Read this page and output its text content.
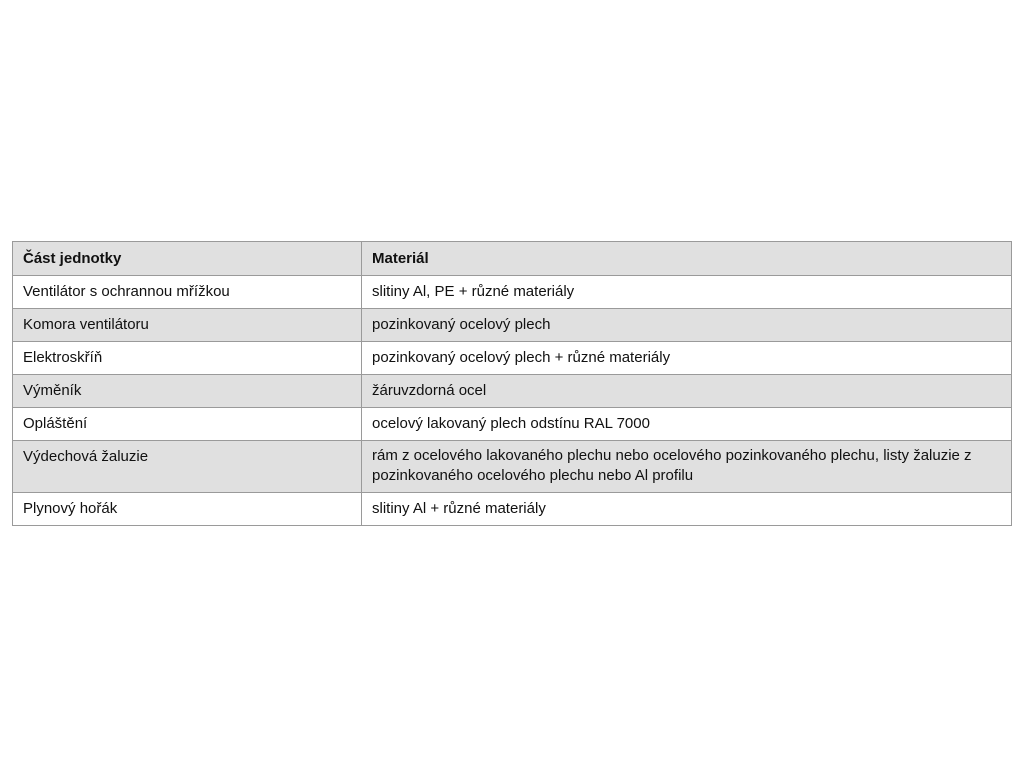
Část jednotky	Materiál
Ventilátor s ochrannou mřížkou	slitiny Al, PE + různé materiály
Komora ventilátoru	pozinkovaný ocelový plech
Elektroskříň	pozinkovaný ocelový plech + různé materiály
Výměník	žáruvzdorná ocel
Opláštění	ocelový lakovaný plech odstínu RAL 7000
Výdechová žaluzie	rám z ocelového lakovaného plechu nebo ocelového pozinkovaného plechu, listy žaluzie z pozinkovaného ocelového plechu nebo Al profilu
Plynový hořák	slitiny Al + různé materiály
